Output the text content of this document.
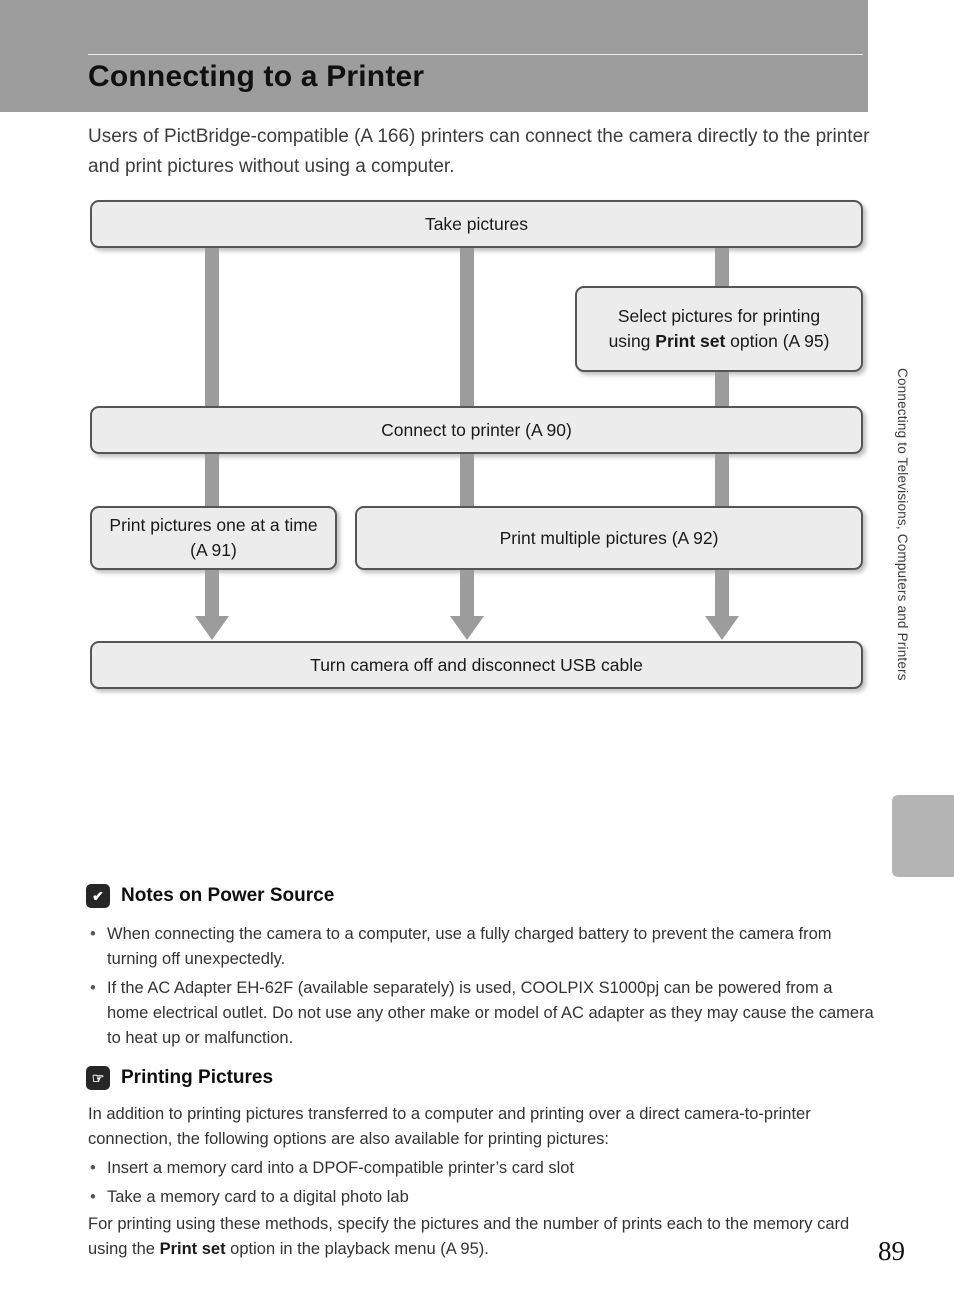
Connecting to a Printer

Users of PictBridge-compatible (A 166) printers can connect the camera directly to the printer and print pictures without using a computer.

Take pictures
Select pictures for printing
using Print set option (A 95)
Connect to printer (A 90)
Print pictures one at a time (A 91)
Print multiple pictures (A 92)
Turn camera off and disconnect USB cable	Connecting to Televisions, Computers and Printers
✔ Notes on Power Source
• When connecting the camera to a computer, use a fully charged battery to prevent the camera from turning off unexpectedly.
• If the AC Adapter EH-62F (available separately) is used, COOLPIX S1000pj can be powered from a home electrical outlet. Do not use any other make or model of AC adapter as they may cause the camera to heat up or malfunction.
☞ Printing Pictures

In addition to printing pictures transferred to a computer and printing over a direct camera-to-printer connection, the following options are also available for printing pictures:

• Insert a memory card into a DPOF-compatible printer’s card slot
• Take a memory card to a digital photo lab

For printing using these methods, specify the pictures and the number of prints each to the memory card using the Print set option in the playback menu (A 95).	89
